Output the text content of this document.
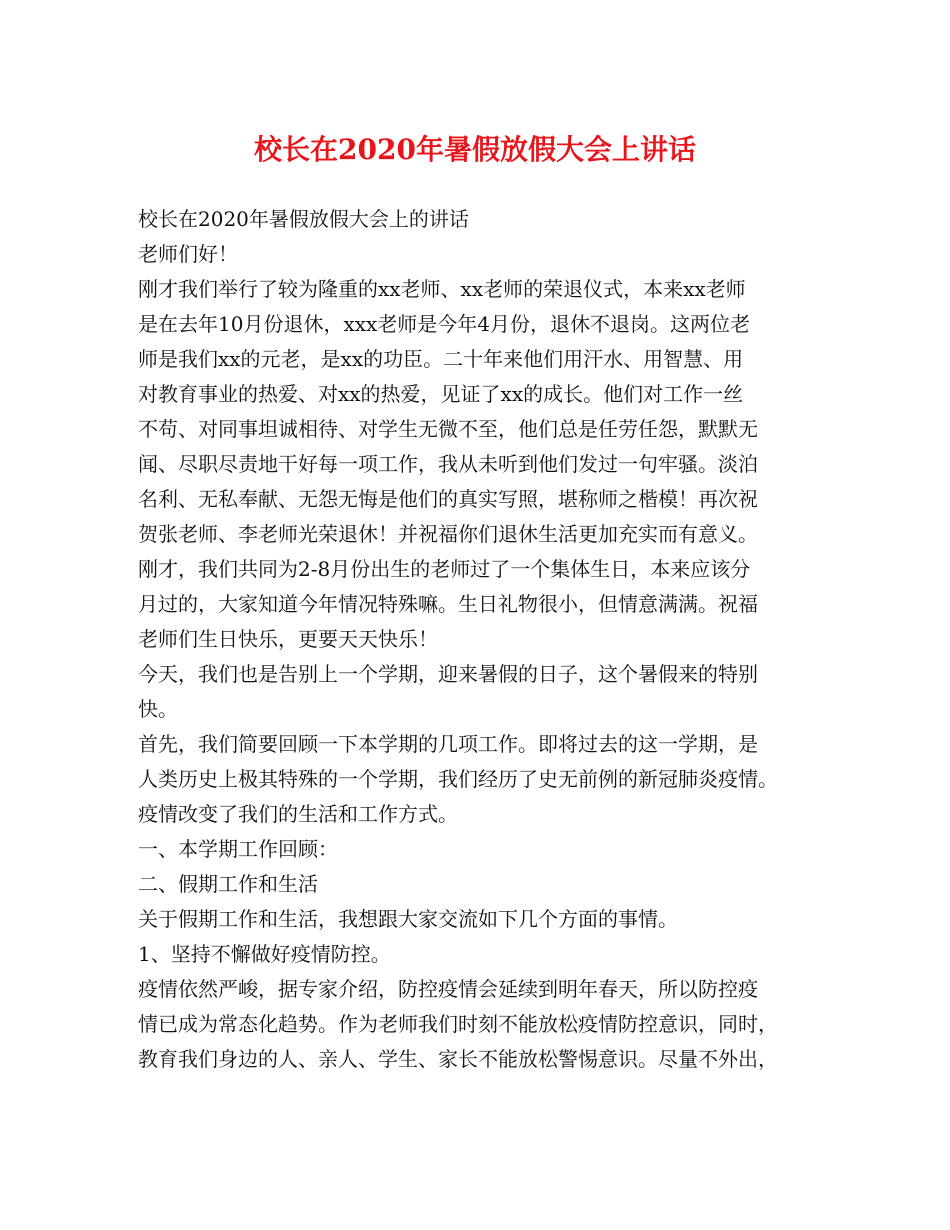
校长在2020年暑假放假大会上讲话
校长在2020年暑假放假大会上的讲话
老师们好！
刚才我们举行了较为隆重的xx老师、xx老师的荣退仪式，本来xx老师
是在去年10月份退休，xxx老师是今年4月份，退休不退岗。这两位老
师是我们xx的元老，是xx的功臣。二十年来他们用汗水、用智慧、用
对教育事业的热爱、对xx的热爱，见证了xx的成长。他们对工作一丝
不苟、对同事坦诚相待、对学生无微不至，他们总是任劳任怨，默默无
闻、尽职尽责地干好每一项工作，我从未听到他们发过一句牢骚。淡泊
名利、无私奉献、无怨无悔是他们的真实写照，堪称师之楷模！再次祝
贺张老师、李老师光荣退休！并祝福你们退休生活更加充实而有意义。
刚才，我们共同为2-8月份出生的老师过了一个集体生日，本来应该分
月过的，大家知道今年情况特殊嘛。生日礼物很小，但情意满满。祝福
老师们生日快乐，更要天天快乐！
今天，我们也是告别上一个学期，迎来暑假的日子，这个暑假来的特别
快。
首先，我们简要回顾一下本学期的几项工作。即将过去的这一学期，是
人类历史上极其特殊的一个学期，我们经历了史无前例的新冠肺炎疫情。
疫情改变了我们的生活和工作方式。
一、本学期工作回顾：
二、假期工作和生活
关于假期工作和生活，我想跟大家交流如下几个方面的事情。
1、坚持不懈做好疫情防控。
疫情依然严峻，据专家介绍，防控疫情会延续到明年春天，所以防控疫
情已成为常态化趋势。作为老师我们时刻不能放松疫情防控意识，同时，
教育我们身边的人、亲人、学生、家长不能放松警惕意识。尽量不外出，
